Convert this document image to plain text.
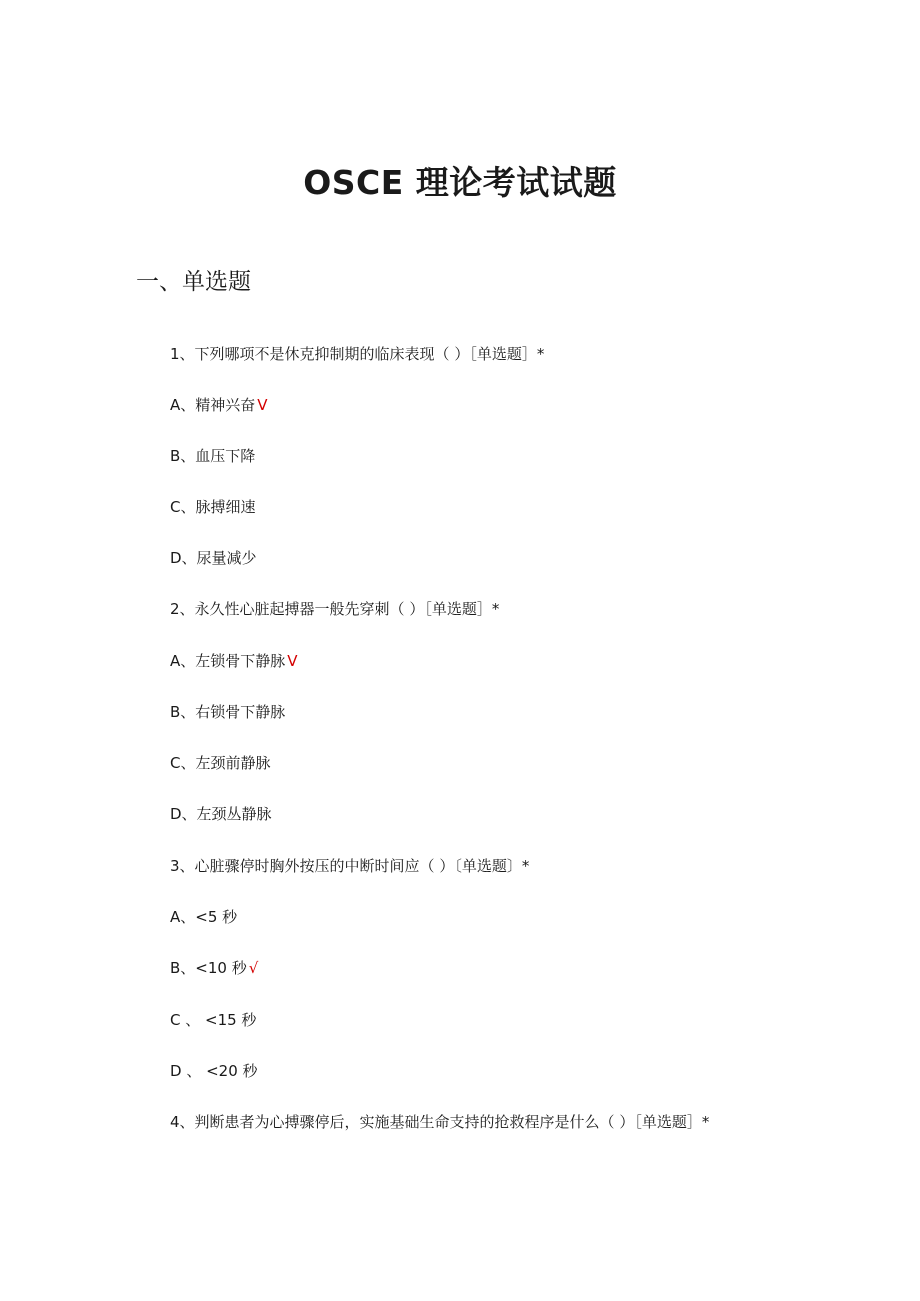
OSCE 理论考试试题
一、单选题

1、下列哪项不是休克抑制期的临床表现（ ）［单选题］*

A、精神兴奋 V

B、血压下降

C、脉搏细速

D、尿量减少

2、永久性心脏起搏器一般先穿刺（ ）［单选题］*

A、左锁骨下静脉 V

B、右锁骨下静脉

C、左颈前静脉

D、左颈丛静脉

3、心脏骤停时胸外按压的中断时间应（ ）〔单选题〕*

A、<5 秒

B、<10 秒 √

C 、 <15 秒

D 、 <20 秒

4、判断患者为心搏骤停后，实施基础生命支持的抢救程序是什么（ ）［单选题］*
